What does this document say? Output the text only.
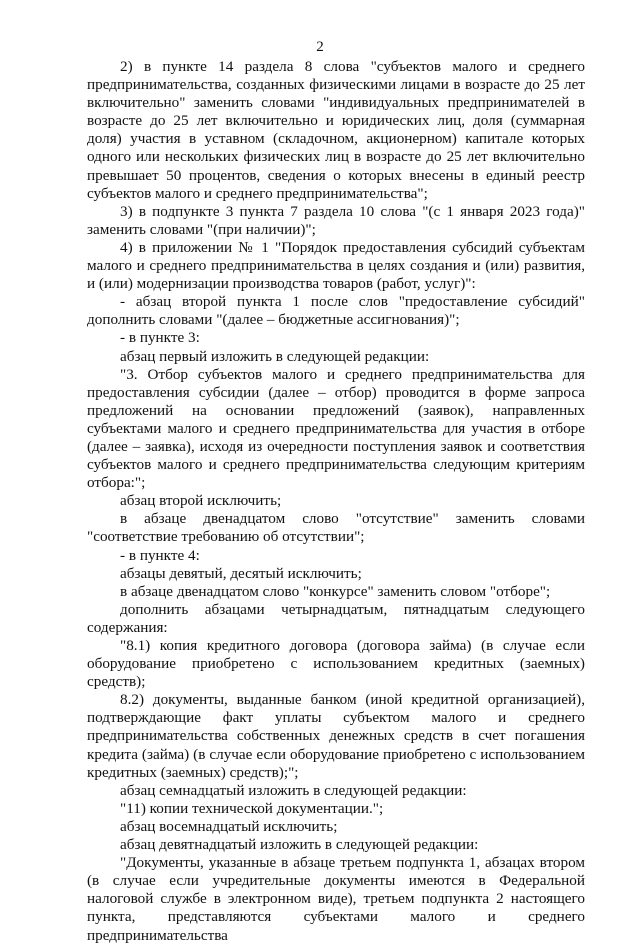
2

2) в пункте 14 раздела 8 слова "субъектов малого и среднего предпринимательства, созданных физическими лицами в возрасте до 25 лет включительно" заменить словами "индивидуальных предпринимателей в возрасте до 25 лет включительно и юридических лиц, доля (суммарная доля) участия в уставном (складочном, акционерном) капитале которых одного или нескольких физических лиц в возрасте до 25 лет включительно превышает 50 процентов, сведения о которых внесены в единый реестр субъектов малого и среднего предпринимательства";

3) в подпункте 3 пункта 7 раздела 10 слова "(с 1 января 2023 года)" заменить словами "(при наличии)";

4) в приложении № 1 "Порядок предоставления субсидий субъектам малого и среднего предпринимательства в целях создания и (или) развития, и (или) модернизации производства товаров (работ, услуг)":

- абзац второй пункта 1 после слов "предоставление субсидий" дополнить словами "(далее – бюджетные ассигнования)";

- в пункте 3:

абзац первый изложить в следующей редакции:

"3. Отбор субъектов малого и среднего предпринимательства для предоставления субсидии (далее – отбор) проводится в форме запроса предложений на основании предложений (заявок), направленных субъектами малого и среднего предпринимательства для участия в отборе (далее – заявка), исходя из очередности поступления заявок и соответствия субъектов малого и среднего предпринимательства следующим критериям отбора:";

абзац второй исключить;

в абзаце двенадцатом слово "отсутствие" заменить словами "соответствие требованию об отсутствии";

- в пункте 4:

абзацы девятый, десятый исключить;

в абзаце двенадцатом слово "конкурсе" заменить словом "отборе";

дополнить абзацами четырнадцатым, пятнадцатым следующего содержания:

"8.1) копия кредитного договора (договора займа) (в случае если оборудование приобретено с использованием кредитных (заемных) средств);

8.2) документы, выданные банком (иной кредитной организацией), подтверждающие факт уплаты субъектом малого и среднего предпринимательства собственных денежных средств в счет погашения кредита (займа) (в случае если оборудование приобретено с использованием кредитных (заемных) средств);";

абзац семнадцатый изложить в следующей редакции:

"11) копии технической документации.";

абзац восемнадцатый исключить;

абзац девятнадцатый изложить в следующей редакции:

"Документы, указанные в абзаце третьем подпункта 1, абзацах втором (в случае если учредительные документы имеются в Федеральной налоговой службе в электронном виде), третьем подпункта 2 настоящего пункта, представляются субъектами малого и среднего предпринимательства
